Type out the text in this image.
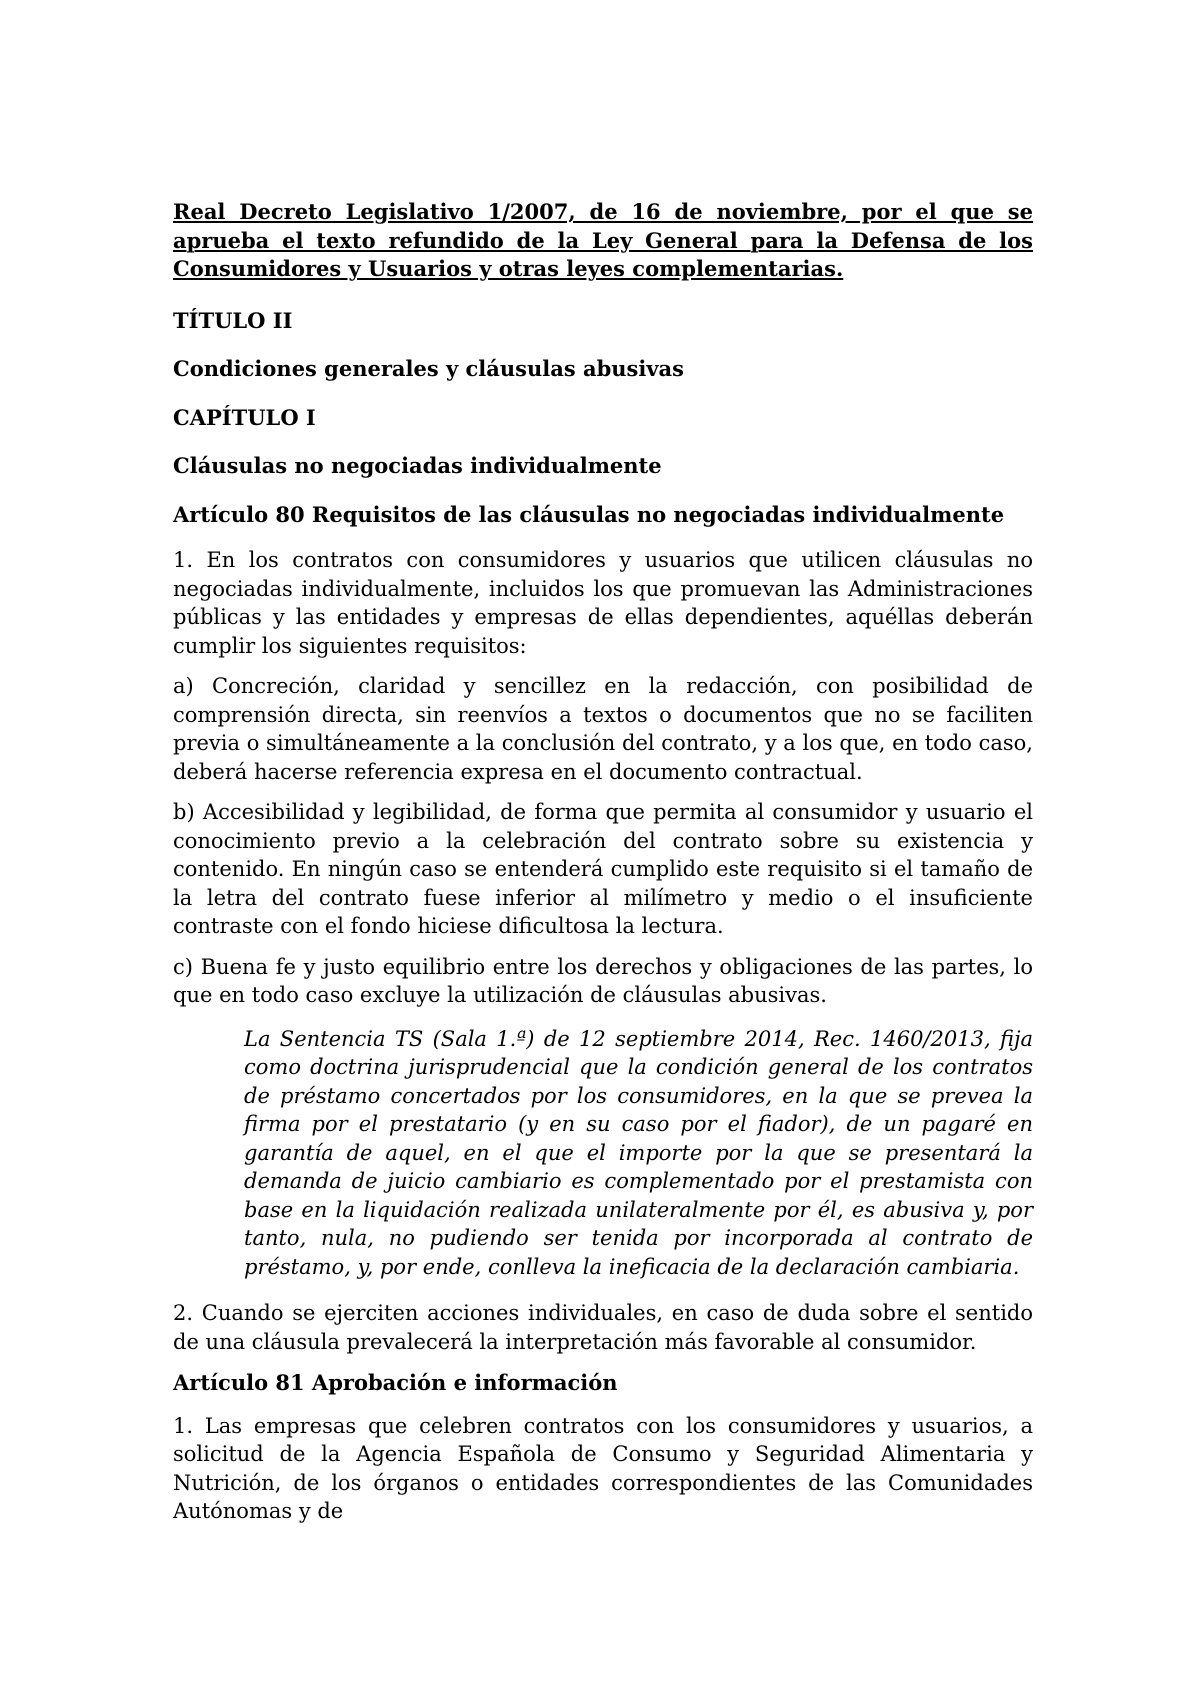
Real Decreto Legislativo 1/2007, de 16 de noviembre, por el que se aprueba el texto refundido de la Ley General para la Defensa de los Consumidores y Usuarios y otras leyes complementarias.
TÍTULO II
Condiciones generales y cláusulas abusivas
CAPÍTULO I
Cláusulas no negociadas individualmente
Artículo 80 Requisitos de las cláusulas no negociadas individualmente

1. En los contratos con consumidores y usuarios que utilicen cláusulas no negociadas individualmente, incluidos los que promuevan las Administraciones públicas y las entidades y empresas de ellas dependientes, aquéllas deberán cumplir los siguientes requisitos:

a) Concreción, claridad y sencillez en la redacción, con posibilidad de comprensión directa, sin reenvíos a textos o documentos que no se faciliten previa o simultáneamente a la conclusión del contrato, y a los que, en todo caso, deberá hacerse referencia expresa en el documento contractual.

b) Accesibilidad y legibilidad, de forma que permita al consumidor y usuario el conocimiento previo a la celebración del contrato sobre su existencia y contenido. En ningún caso se entenderá cumplido este requisito si el tamaño de la letra del contrato fuese inferior al milímetro y medio o el insuficiente contraste con el fondo hiciese dificultosa la lectura.

c) Buena fe y justo equilibrio entre los derechos y obligaciones de las partes, lo que en todo caso excluye la utilización de cláusulas abusivas.

La Sentencia TS (Sala 1.ª) de 12 septiembre 2014, Rec. 1460/2013, fija como doctrina jurisprudencial que la condición general de los contratos de préstamo concertados por los consumidores, en la que se prevea la firma por el prestatario (y en su caso por el fiador), de un pagaré en garantía de aquel, en el que el importe por la que se presentará la demanda de juicio cambiario es complementado por el prestamista con base en la liquidación realizada unilateralmente por él, es abusiva y, por tanto, nula, no pudiendo ser tenida por incorporada al contrato de préstamo, y, por ende, conlleva la ineficacia de la declaración cambiaria.

2. Cuando se ejerciten acciones individuales, en caso de duda sobre el sentido de una cláusula prevalecerá la interpretación más favorable al consumidor.

Artículo 81 Aprobación e información

1. Las empresas que celebren contratos con los consumidores y usuarios, a solicitud de la Agencia Española de Consumo y Seguridad Alimentaria y Nutrición, de los órganos o entidades correspondientes de las Comunidades Autónomas y de
